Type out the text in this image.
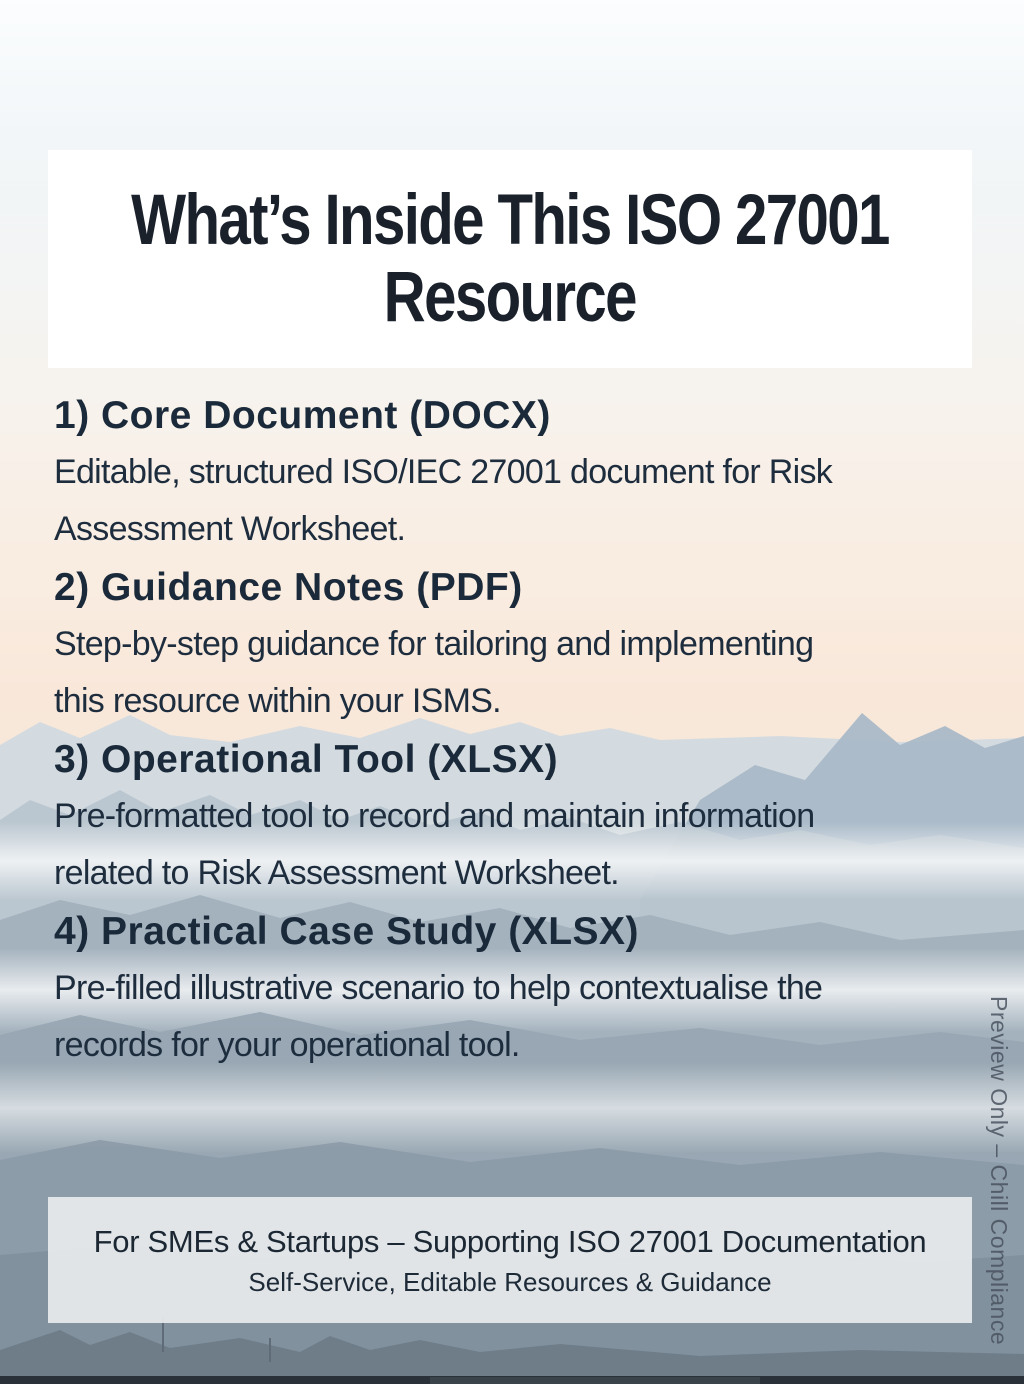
What’s Inside This ISO 27001
Resource
1) Core Document (DOCX)
Editable, structured ISO/IEC 27001 document for Risk
Assessment Worksheet.
2) Guidance Notes (PDF)
Step-by-step guidance for tailoring and implementing
this resource within your ISMS.
3) Operational Tool (XLSX)
Pre-formatted tool to record and maintain information
related to Risk Assessment Worksheet.
4) Practical Case Study (XLSX)
Pre-filled illustrative scenario to help contextualise the
records for your operational tool.
For SMEs & Startups – Supporting ISO 27001 Documentation
Self-Service, Editable Resources & Guidance	Preview Only – Chill Compliance
